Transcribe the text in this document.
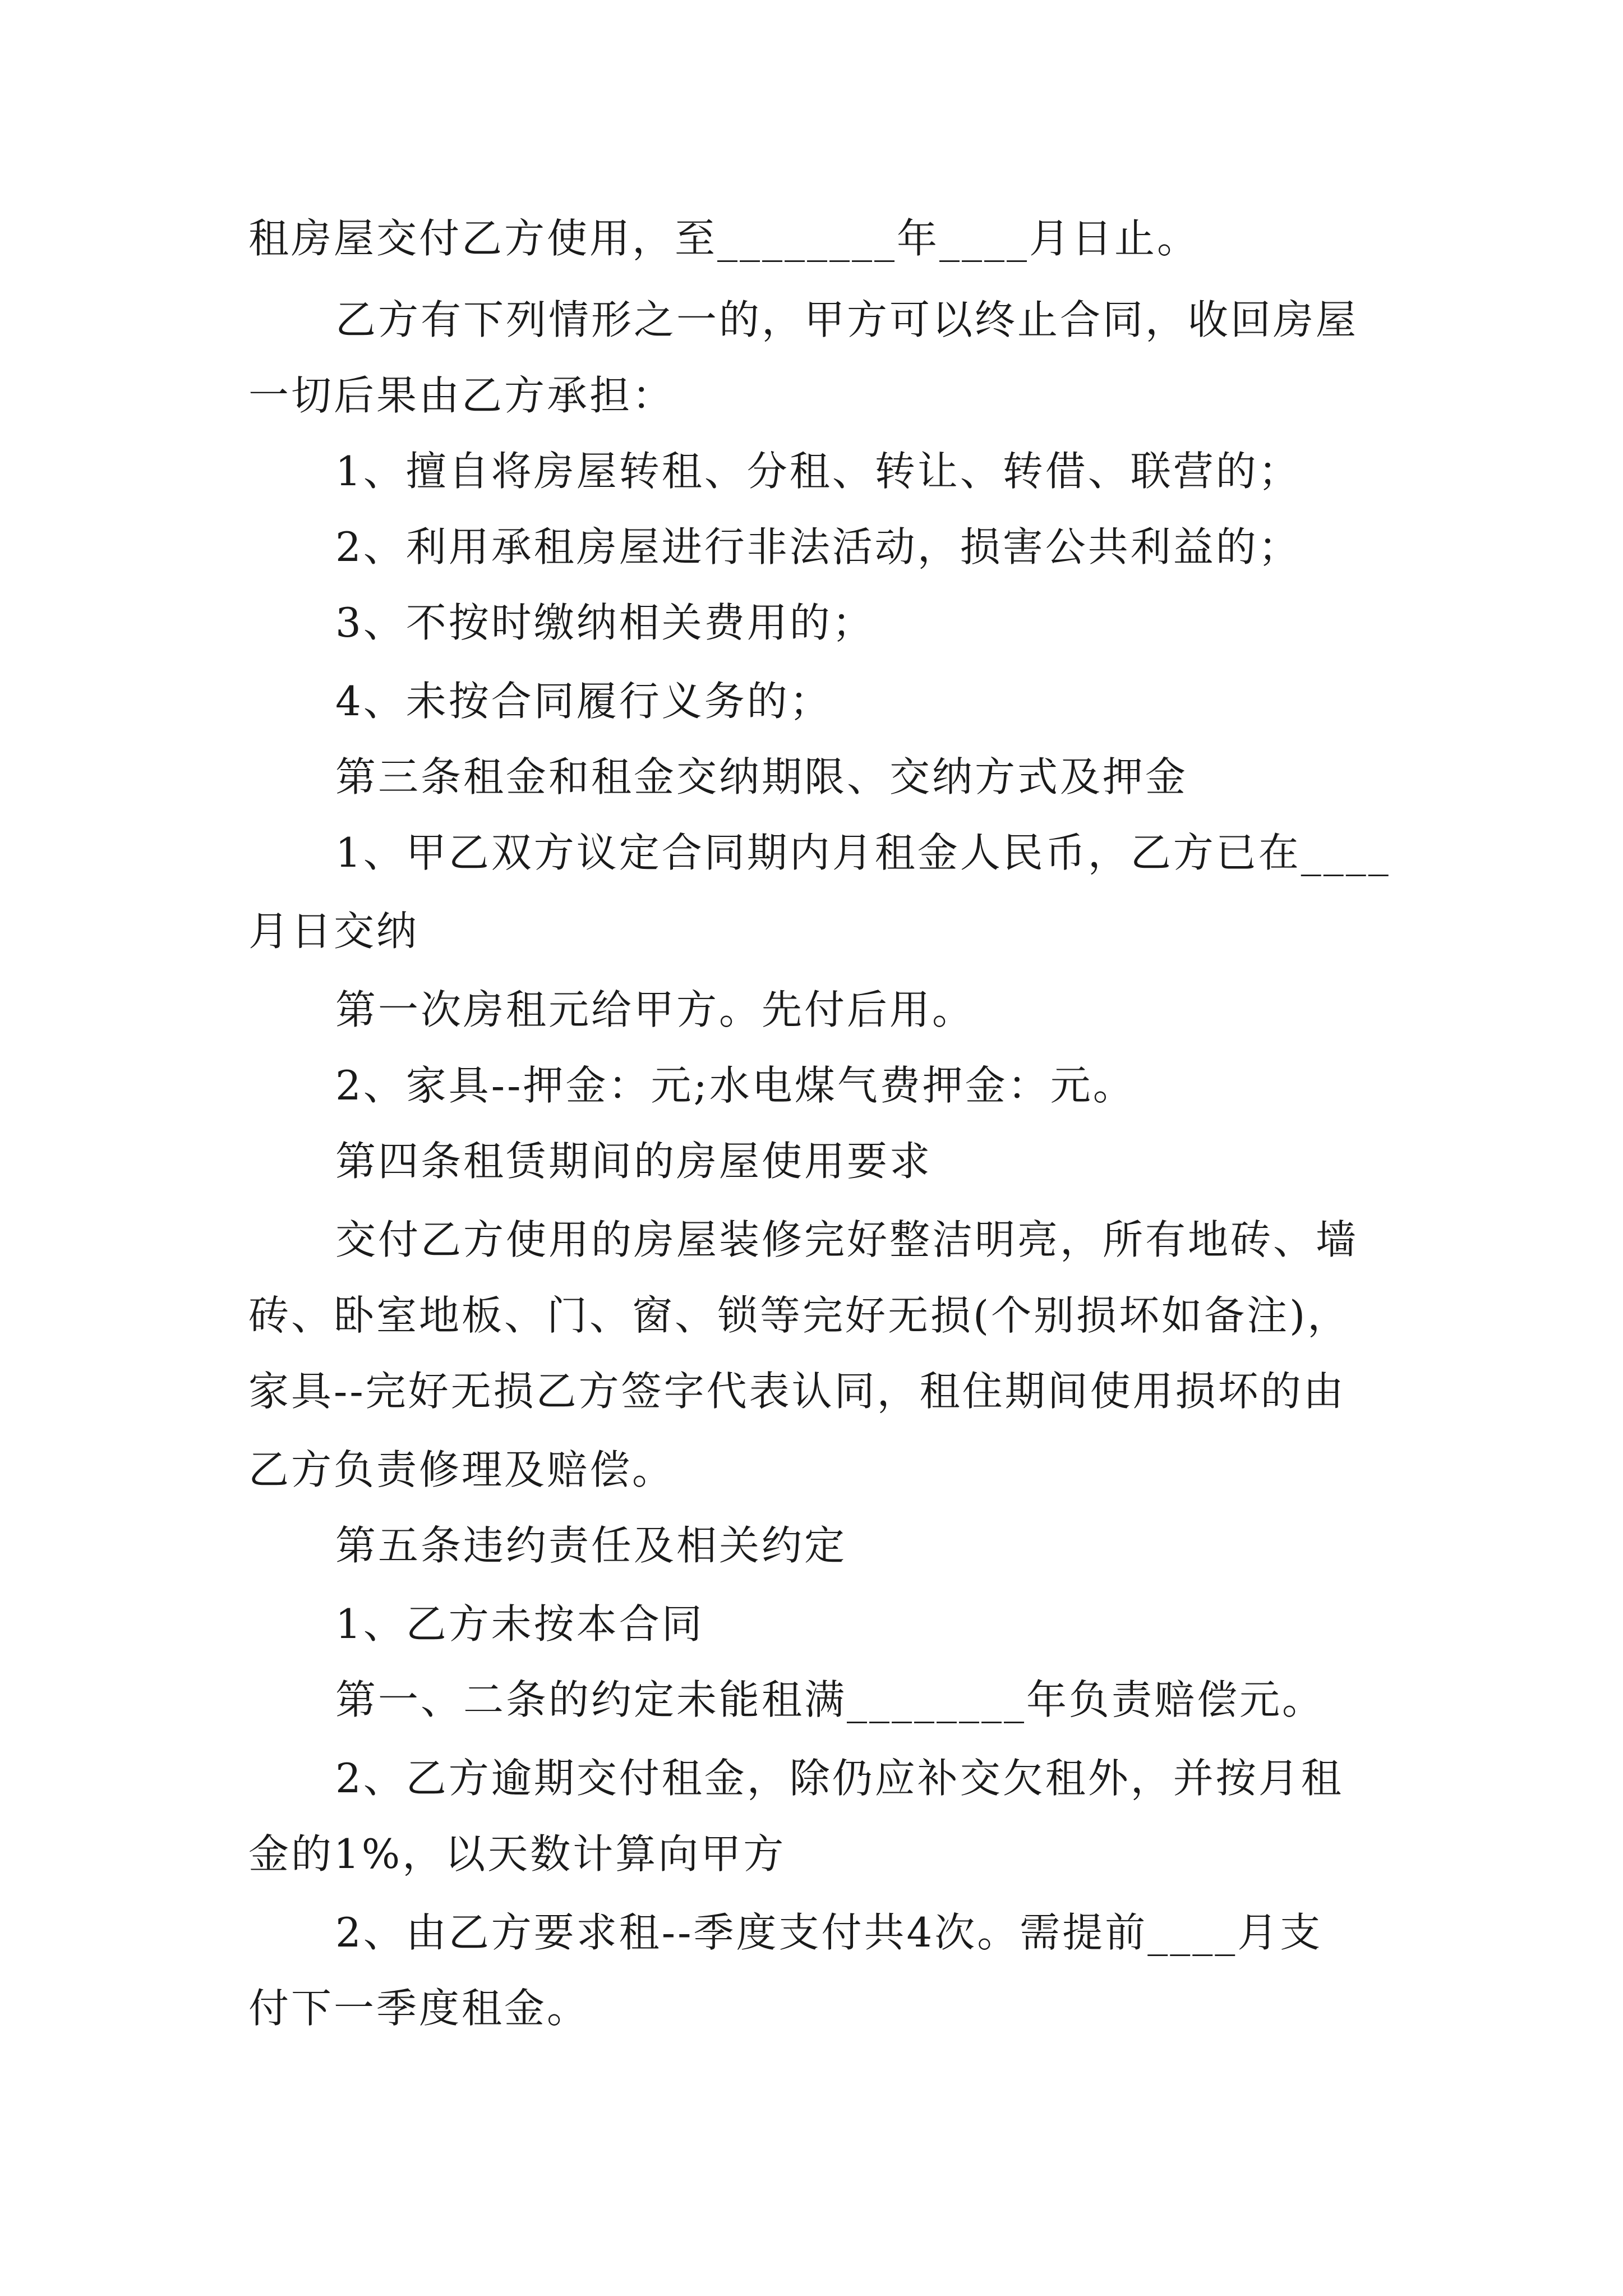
租房屋交付乙方使用，至________年____月日止。
乙方有下列情形之一的，甲方可以终止合同，收回房屋
一切后果由乙方承担：
1、擅自将房屋转租、分租、转让、转借、联营的；
2、利用承租房屋进行非法活动，损害公共利益的；
3、不按时缴纳相关费用的；
4、未按合同履行义务的；
第三条租金和租金交纳期限、交纳方式及押金
1、甲乙双方议定合同期内月租金人民币，乙方已在____
月日交纳
第一次房租元给甲方。先付后用。
2、家具--押金：元;水电煤气费押金：元。
第四条租赁期间的房屋使用要求
交付乙方使用的房屋装修完好整洁明亮，所有地砖、墙
砖、卧室地板、门、窗、锁等完好无损(个别损坏如备注)，
家具--完好无损乙方签字代表认同，租住期间使用损坏的由
乙方负责修理及赔偿。
第五条违约责任及相关约定
1、乙方未按本合同
第一、二条的约定未能租满________年负责赔偿元。
2、乙方逾期交付租金，除仍应补交欠租外，并按月租
金的1%，以天数计算向甲方
2、由乙方要求租--季度支付共4次。需提前____月支
付下一季度租金。
